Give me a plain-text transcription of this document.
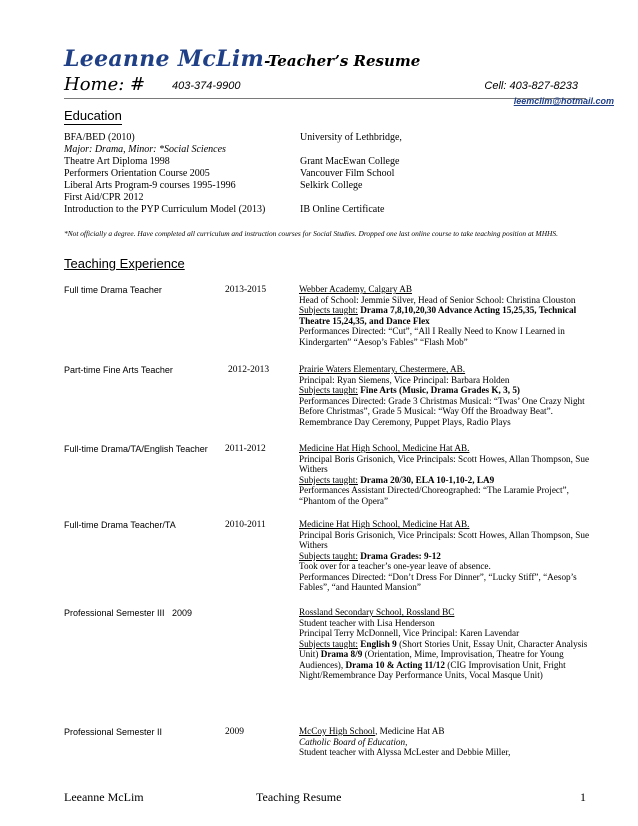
Leeanne McLim-Teacher’s Resume
Home: # 403-374-9900	Cell: 403-827-8233
leemclim@hotmail.com
Education
BFA/BED (2010)	University of Lethbridge,
Major: Drama, Minor: *Social Sciences
Theatre Art Diploma 1998	Grant MacEwan College
Performers Orientation Course 2005	Vancouver Film School
Liberal Arts Program-9 courses 1995-1996	Selkirk College
First Aid/CPR 2012
Introduction to the PYP Curriculum Model (2013)	IB Online Certificate
*Not officially a degree. Have completed all curriculum and instruction courses for Social Studies. Dropped one last online course to take teaching position at MHHS.
Teaching Experience
Full time Drama Teacher	2013-2015	Webber Academy, Calgary AB
Head of School: Jemmie Silver, Head of Senior School: Christina Clouston
Subjects taught: Drama 7,8,10,20,30 Advance Acting 15,25,35, Technical Theatre 15,24,35, and Dance Flex
Performances Directed: “Cut”, “All I Really Need to Know I Learned in Kindergarten” “Aesop’s Fables” “Flash Mob”
Part-time Fine Arts Teacher	2012-2013	Prairie Waters Elementary, Chestermere, AB.
Principal: Ryan Siemens, Vice Principal: Barbara Holden
Subjects taught: Fine Arts (Music, Drama Grades K, 3, 5)
Performances Directed: Grade 3 Christmas Musical: “Twas’ One Crazy Night Before Christmas”, Grade 5 Musical: “Way Off the Broadway Beat”. Remembrance Day Ceremony, Puppet Plays, Radio Plays
Full-time Drama/TA/English Teacher	2011-2012	Medicine Hat High School, Medicine Hat AB.
Principal Boris Grisonich, Vice Principals: Scott Howes, Allan Thompson, Sue Withers
Subjects taught: Drama 20/30, ELA 10-1,10-2, LA9
Performances Assistant Directed/Choreographed: “The Laramie Project”, “Phantom of the Opera”
Full-time Drama Teacher/TA	2010-2011	Medicine Hat High School, Medicine Hat AB.
Principal Boris Grisonich, Vice Principals: Scott Howes, Allan Thompson, Sue Withers
Subjects taught: Drama Grades: 9-12
Took over for a teacher’s one-year leave of absence.
Performances Directed: “Don’t Dress For Dinner”, “Lucky Stiff”, “Aesop’s Fables”, “and Haunted Mansion”
Professional Semester III   2009	Rossland Secondary School, Rossland BC
Student teacher with Lisa Henderson
Principal Terry McDonnell, Vice Principal: Karen Lavendar
Subjects taught: English 9 (Short Stories Unit, Essay Unit, Character Analysis Unit) Drama 8/9 (Orientation, Mime, Improvisation, Theatre for Young Audiences), Drama 10 & Acting 11/12 (CIG Improvisation Unit, Fright Night/Remembrance Day Performance Units, Vocal Masque Unit)
Professional Semester II	2009	McCoy High School, Medicine Hat AB
Catholic Board of Education,
Student teacher with Alyssa McLester and Debbie Miller,
Leeanne McLim	Teaching Resume	1
